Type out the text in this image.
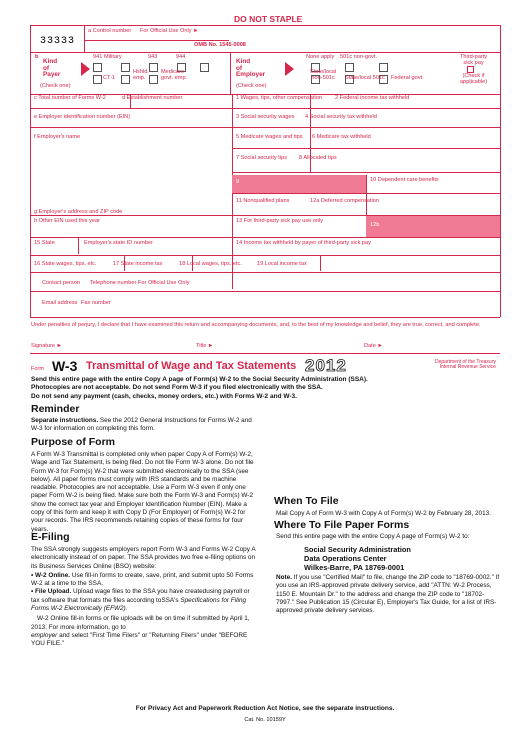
DO NOT STAPLE
33333
a Control number For Official Use Only ►
OMB No. 1545-0008
b
Kind
of
Payer
(Check one)
941 Military	943	944
CT-1
Hshld.
emp.
Medicare
govt. emp.
Kind
of
Employer
(Check one)
None apply 501c non-govt.
State/local
non-501c State/local 501c Federal govt.
Third-party
sick pay
(Check if
applicable)
c Total number of Forms W-2	d Establishment number	1 Wages, tips, other compensation 2 Federal income tax withheld
e Employer identification number (EIN)	3 Social security wages 4 Social security tax withheld
f Employer's name	5 Medicare wages and tips 6 Medicare tax withheld
7 Social security tips 8 Allocated tips
9	10 Dependent care benefits
11 Nonqualified plans	12a Deferred compensation
g Employer's address and ZIP code
h Other EIN used this year	13 For third-party sick pay use only
12b
15 State	Employer's state ID number	14 Income tax withheld by payer of third-party sick pay
16 State wages, tips, etc.	17 State income tax	18 Local wages, tips, etc.	19 Local income tax
Contact person Telephone number For Official Use Only
Email address Fax number
Under penalties of perjury, I declare that I have examined this return and accompanying documents, and, to the best of my knowledge and belief, they are true, correct, and complete.
Signature ►	Title ►	Date ►
Form W-3 Transmittal of Wage and Tax Statements 2012	Department of the Treasury
Internal Revenue Service

Send this entire page with the entire Copy A page of Form(s) W-2 to the Social Security Administration (SSA).

Photocopies are not acceptable. Do not send Form W-3 if you filed electronically with the SSA.

Do not send any payment (cash, checks, money orders, etc.) with Forms W-2 and W-3.

Reminder
Separate instructions. See the 2012 General Instructions for Forms W-2 and W-3 for information on completing this form.
Purpose of Form
A Form W-3 Transmittal is completed only when paper Copy A of Form(s) W-2, Wage and Tax Statement, is being filed. Do not file Form W-3 alone. Do not file Form W-3 for Form(s) W-2 that were submitted electronically to the SSA (see below). All paper forms must comply with IRS standards and be machine readable. Photocopies are not acceptable. Use a Form W-3 even if only one paper Form W-2 is being filed. Make sure both the Form W-3 and Form(s) W-2 show the correct tax year and Employer Identification Number (EIN). Make a copy of this form and keep it with Copy D (For Employer) of Form(s) W-2 for your records. The IRS recommends retaining copies of these forms for four years.
E-Filing

The SSA strongly suggests employers report Form W-3 and Forms W-2 Copy A electronically instead of on paper. The SSA provides two free e-filing options on its Business Services Online (BSO) website:

• W-2 Online. Use fill-in forms to create, save, print, and submit upto 50 Forms W-2 at a time to the SSA.

• File Upload. Upload wage files to the SSA you have createdusing payroll or tax software that formats the files according toSSA's Specifications for Filing Forms W-2 Electronically (EFW2).

W-2 Online fill-in forms or file uploads will be on time if submitted by April 1, 2013. For more information, go to
employer and select "First Time Filers" or "Returning Filers" under "BEFORE YOU FILE."

When To File
Mail Copy A of Form W-3 with Copy A of Form(s) W-2 by February 28, 2013.
Where To File Paper Forms
Send this entire page with the entire Copy A page of Form(s) W-2 to:

Social Security Administration

Data Operations Center

Wilkes-Barre, PA 18769-0001

Note. If you use "Certified Mail" to file, change the ZIP code to "18769-0002." If you use an IRS-approved private delivery service, add "ATTN: W-2 Process, 1150 E. Mountain Dr." to the address and change the ZIP code to "18702-7997." See Publication 15 (Circular E), Employer's Tax Guide, for a list of IRS-approved private delivery services.
For Privacy Act and Paperwork Reduction Act Notice, see the separate instructions.
Cat. No. 10159Y
